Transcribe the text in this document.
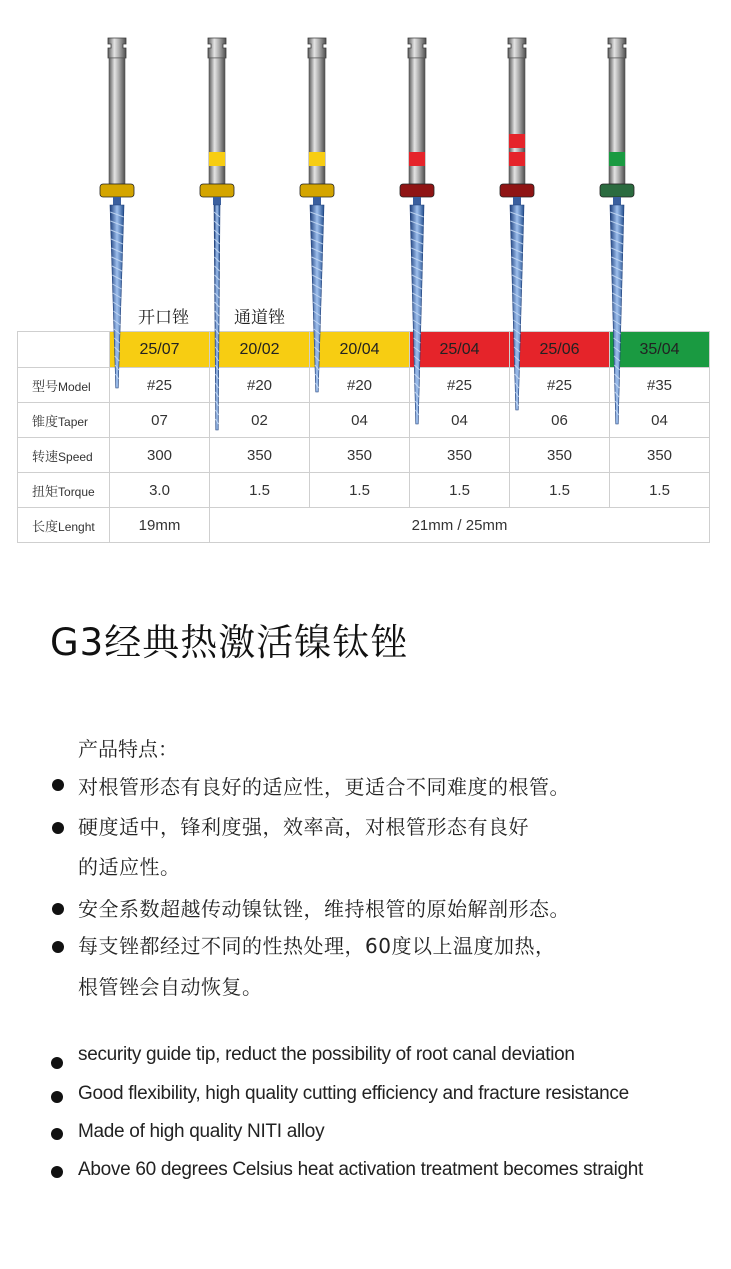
开口锉	通道锉
	25/07	20/02	20/04	25/04	25/06	35/04
型号Model	#25	#20	#20	#25	#25	#35
锥度Taper	07	02	04	04	06	04
转速Speed	300	350	350	350	350	350
扭矩Torque	3.0	1.5	1.5	1.5	1.5	1.5
长度Lenght	19mm	21mm / 25mm				
G3经典热激活镍钛锉
产品特点：
对根管形态有良好的适应性，更适合不同难度的根管。
硬度适中，锋利度强，效率高，对根管形态有良好
的适应性。
安全系数超越传动镍钛锉，维持根管的原始解剖形态。
每支锉都经过不同的性热处理，60度以上温度加热，
根管锉会自动恢复。
security guide tip, reduct the possibility of root canal deviation
Good flexibility, high quality cutting efficiency and fracture resistance
Made of high quality NITI alloy
Above 60 degrees Celsius heat activation treatment becomes straight
